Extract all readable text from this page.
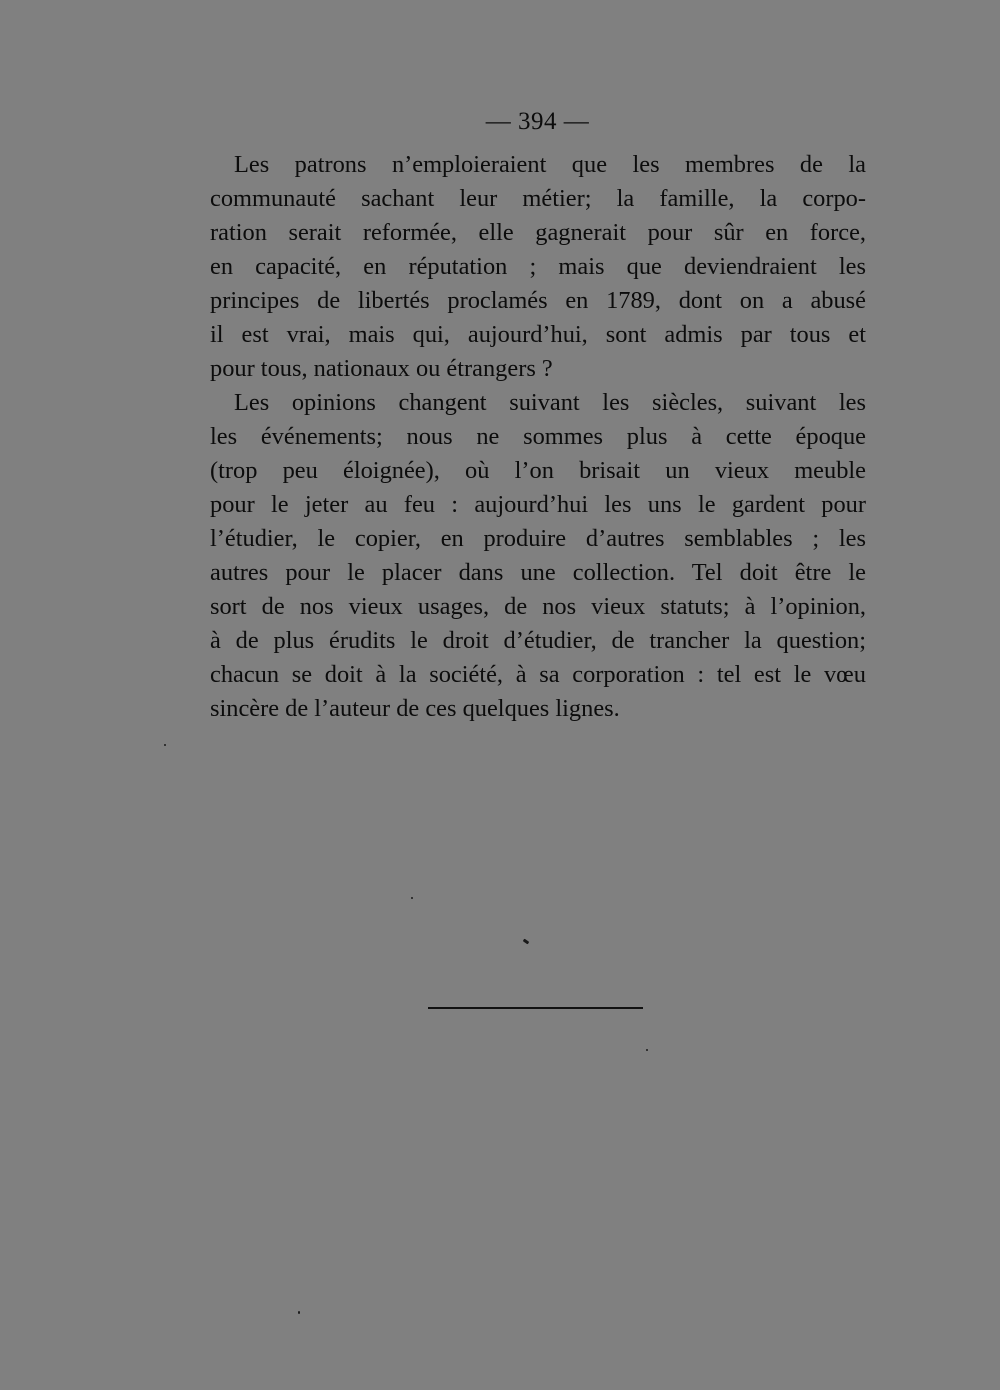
— 394 —
Les patrons n’emploieraient que les membres de la
communauté sachant leur métier; la famille, la corpo-
ration serait reformée, elle gagnerait pour sûr en force,
en capacité, en réputation ; mais que deviendraient les
principes de libertés proclamés en 1789, dont on a abusé
il est vrai, mais qui, aujourd’hui, sont admis par tous et
pour tous, nationaux ou étrangers ?
Les opinions changent suivant les siècles, suivant les
les événements; nous ne sommes plus à cette époque
(trop peu éloignée), où l’on brisait un vieux meuble
pour le jeter au feu : aujourd’hui les uns le gardent pour
l’étudier, le copier, en produire d’autres semblables ; les
autres pour le placer dans une collection. Tel doit être le
sort de nos vieux usages, de nos vieux statuts; à l’opinion,
à de plus érudits le droit d’étudier, de trancher la question;
chacun se doit à la société, à sa corporation : tel est le vœu
sincère de l’auteur de ces quelques lignes.
